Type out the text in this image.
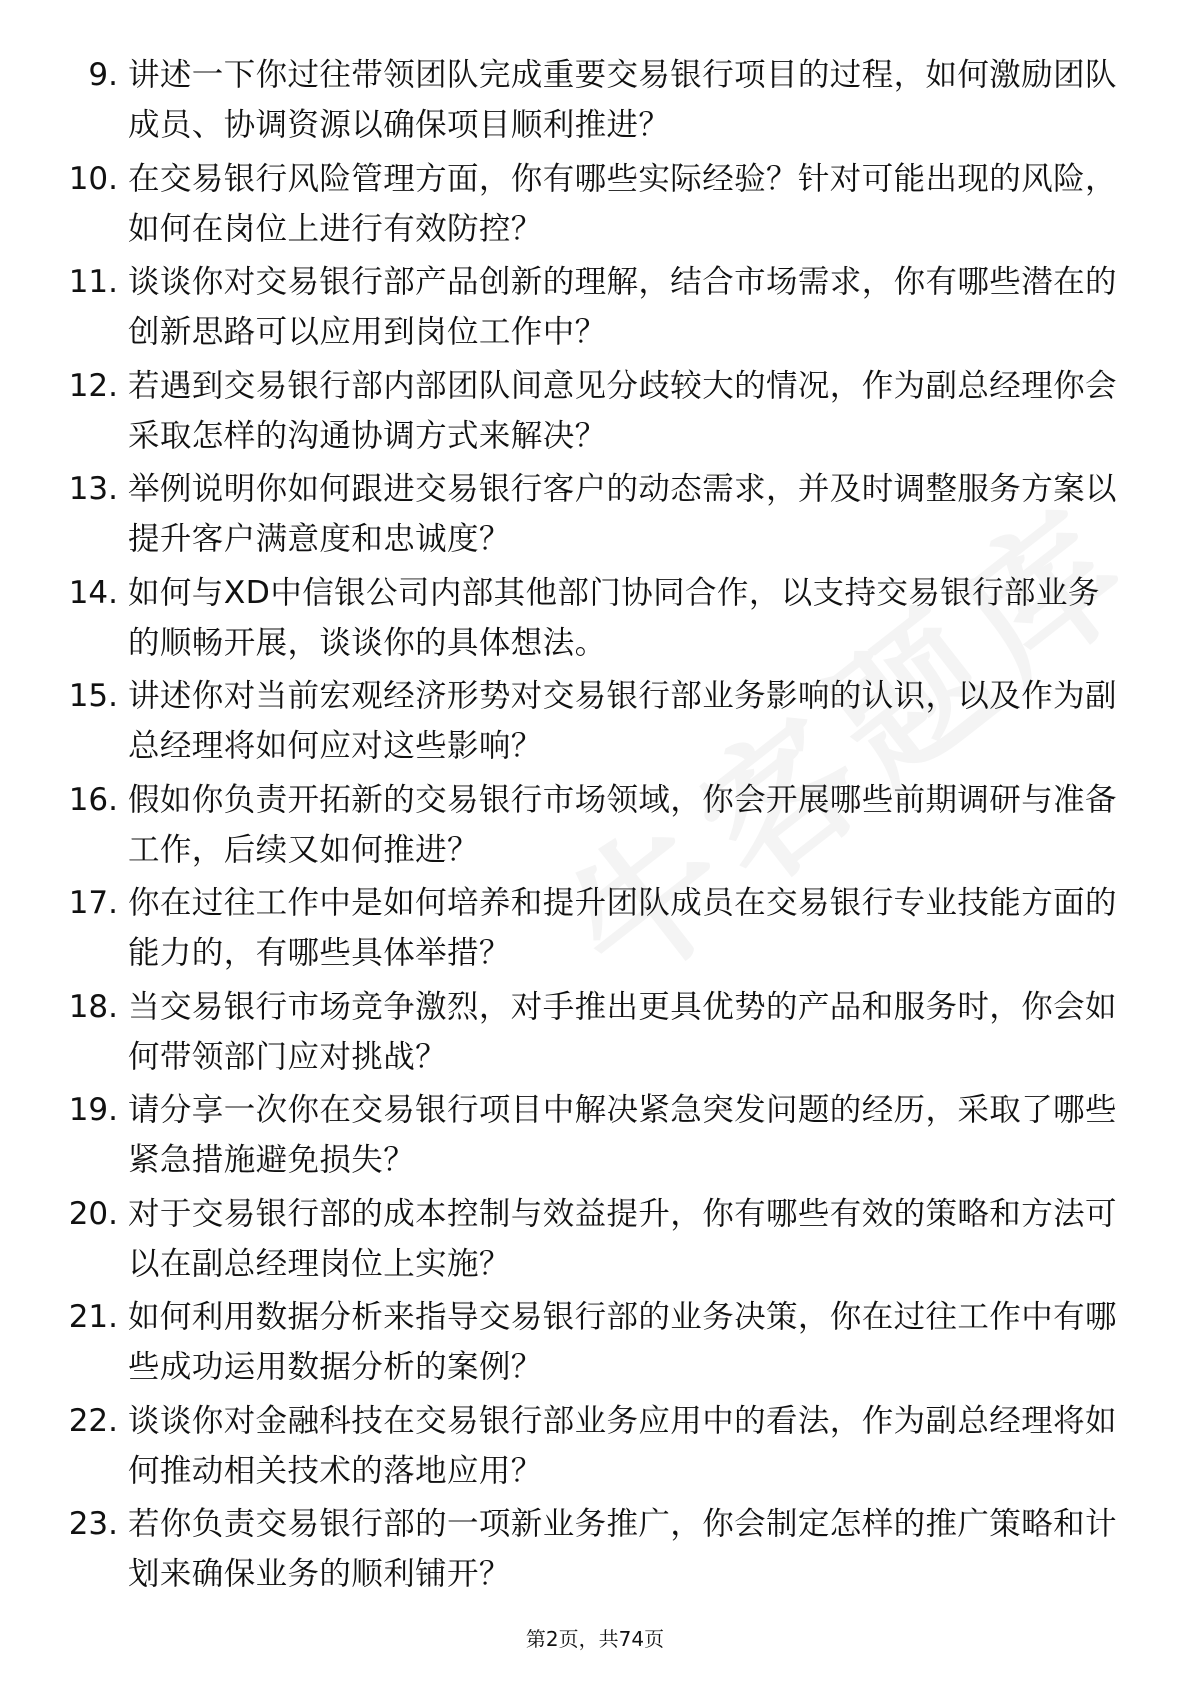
9. 讲述一下你过往带领团队完成重要交易银行项目的过程，如何激励团队成员、协调资源以确保项目顺利推进？
10. 在交易银行风险管理方面，你有哪些实际经验？针对可能出现的风险，如何在岗位上进行有效防控？
11. 谈谈你对交易银行部产品创新的理解，结合市场需求，你有哪些潜在的创新思路可以应用到岗位工作中？
12. 若遇到交易银行部内部团队间意见分歧较大的情况，作为副总经理你会采取怎样的沟通协调方式来解决？
13. 举例说明你如何跟进交易银行客户的动态需求，并及时调整服务方案以提升客户满意度和忠诚度？
14. 如何与XD中信银公司内部其他部门协同合作，以支持交易银行部业务的顺畅开展，谈谈你的具体想法。
15. 讲述你对当前宏观经济形势对交易银行部业务影响的认识，以及作为副总经理将如何应对这些影响？
16. 假如你负责开拓新的交易银行市场领域，你会开展哪些前期调研与准备工作，后续又如何推进？
17. 你在过往工作中是如何培养和提升团队成员在交易银行专业技能方面的能力的，有哪些具体举措？
18. 当交易银行市场竞争激烈，对手推出更具优势的产品和服务时，你会如何带领部门应对挑战？
19. 请分享一次你在交易银行项目中解决紧急突发问题的经历，采取了哪些紧急措施避免损失？
20. 对于交易银行部的成本控制与效益提升，你有哪些有效的策略和方法可以在副总经理岗位上实施？
21. 如何利用数据分析来指导交易银行部的业务决策，你在过往工作中有哪些成功运用数据分析的案例？
22. 谈谈你对金融科技在交易银行部业务应用中的看法，作为副总经理将如何推动相关技术的落地应用？
23. 若你负责交易银行部的一项新业务推广，你会制定怎样的推广策略和计划来确保业务的顺利铺开？
第2页，共74页
